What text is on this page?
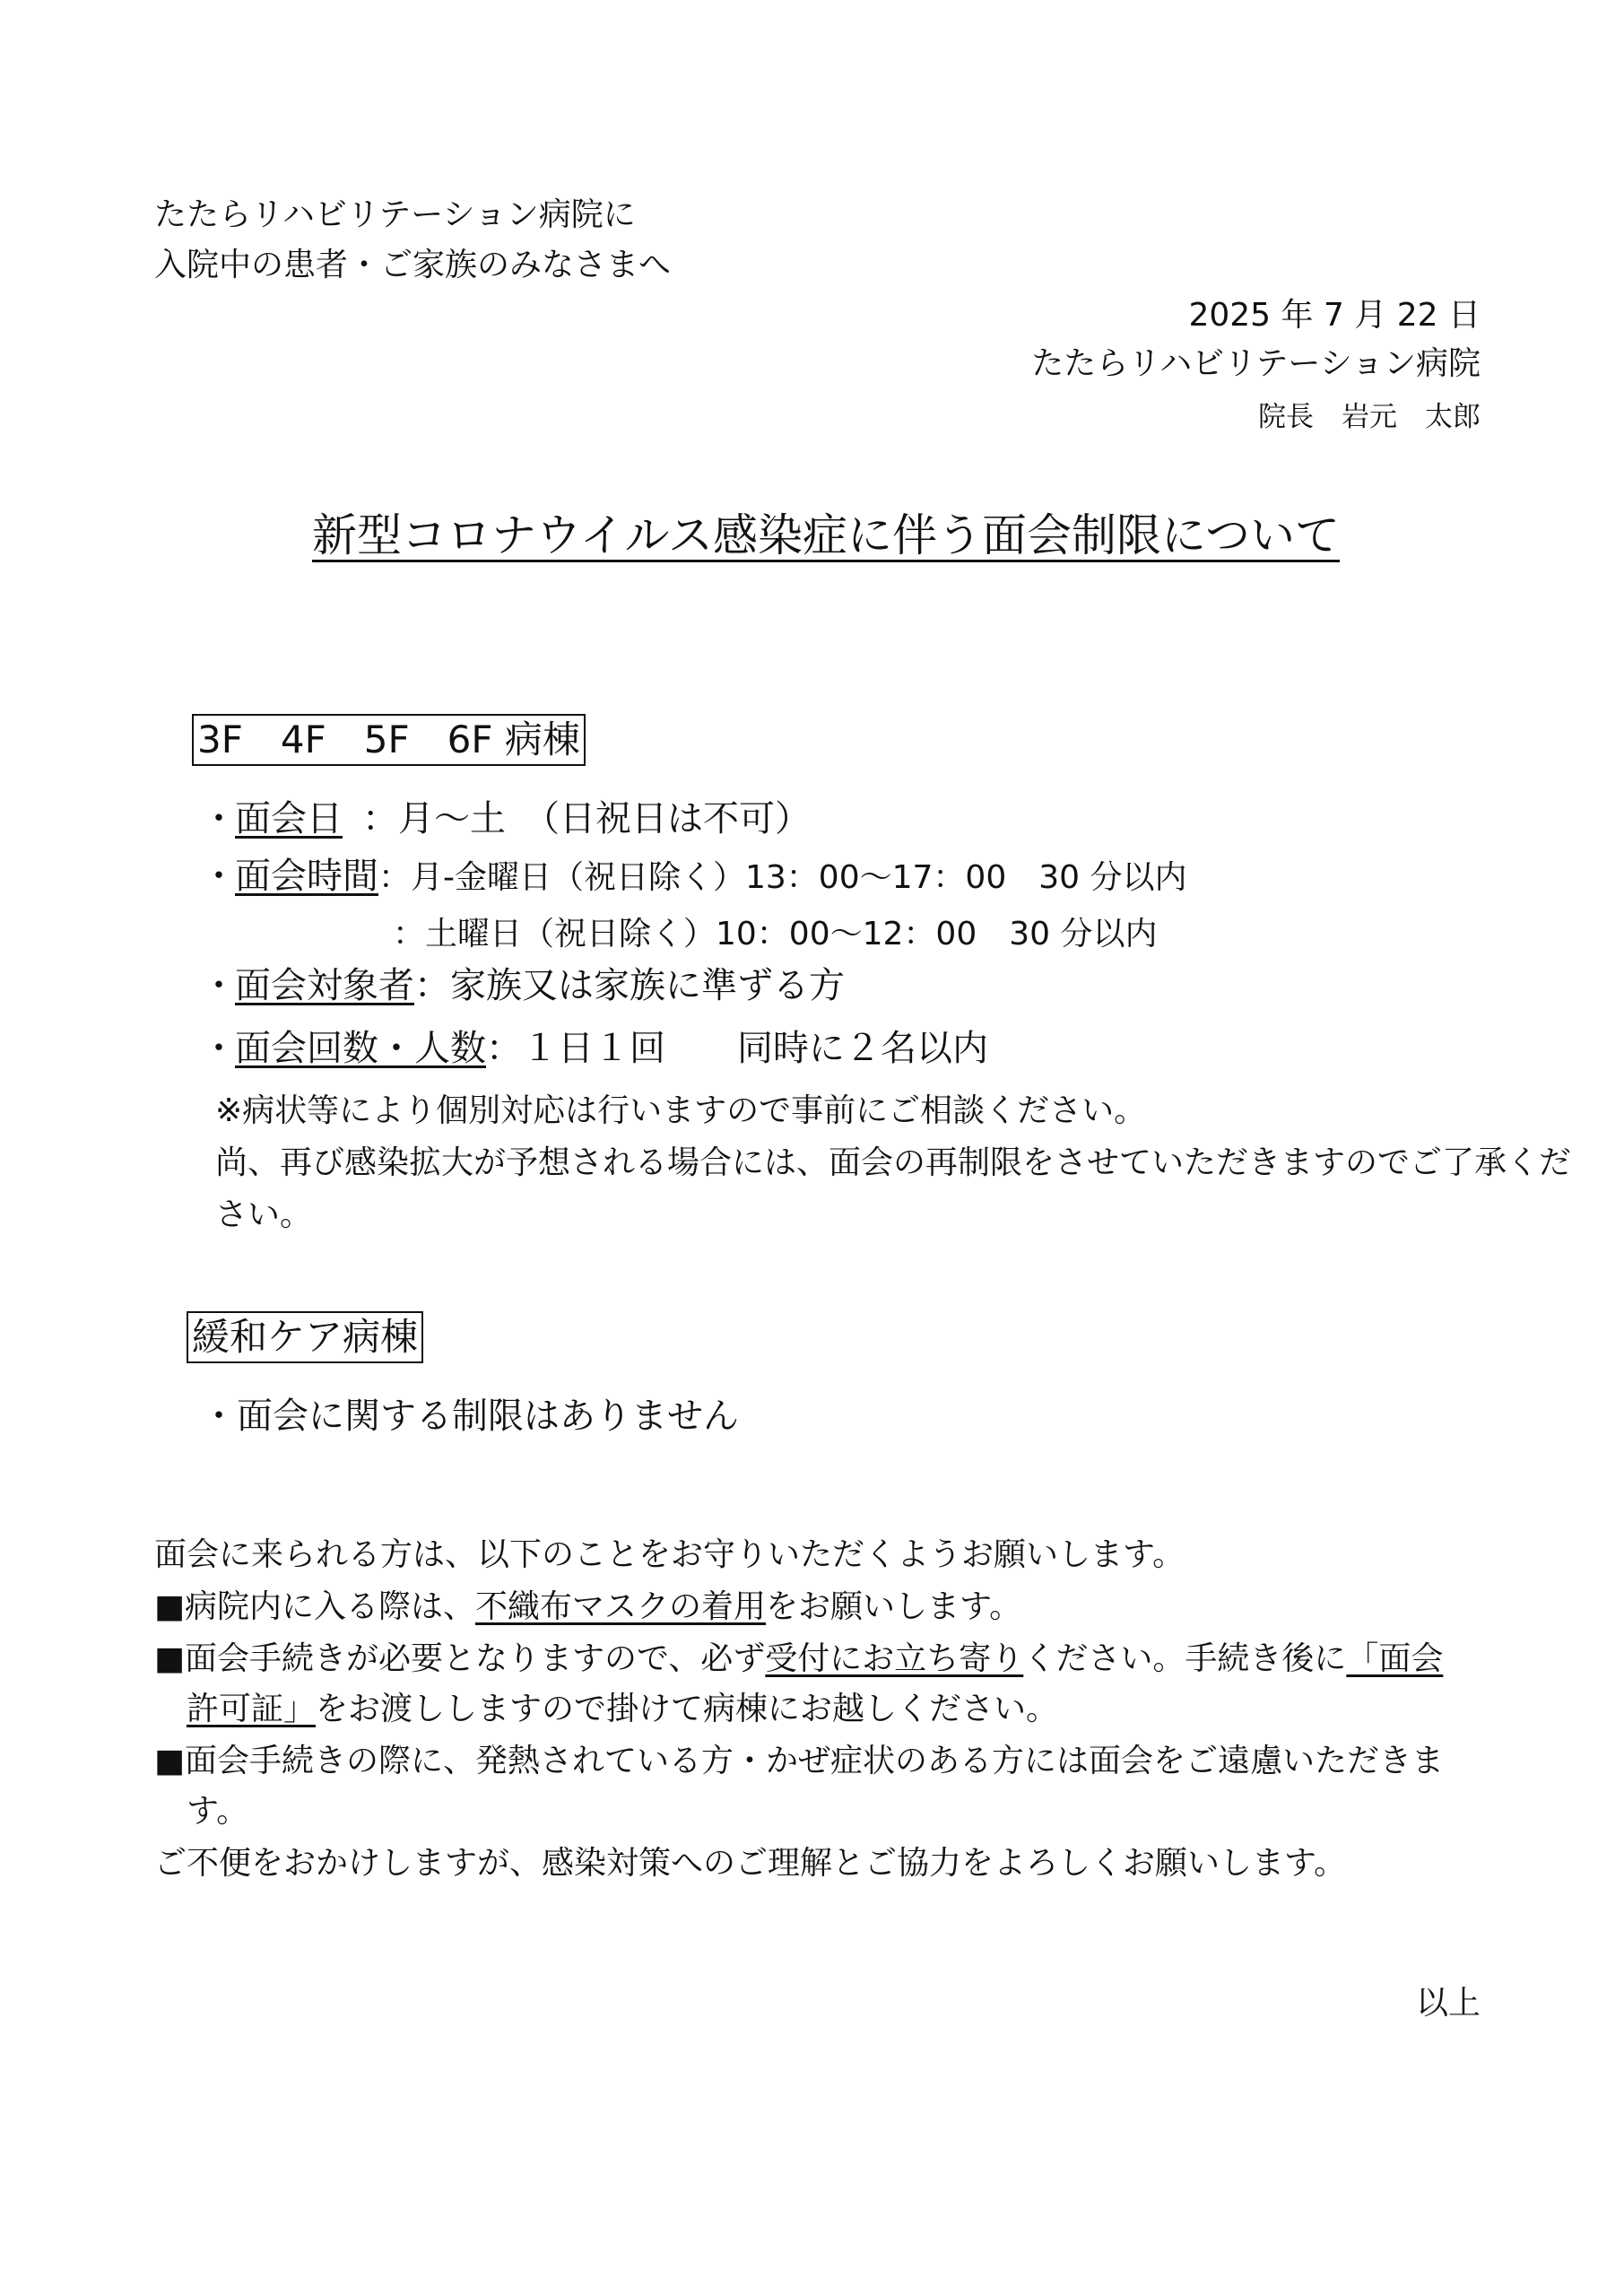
たたらリハビリテーション病院に
入院中の患者・ご家族のみなさまへ
2025 年 7 月 22 日
たたらリハビリテーション病院
院長　岩元　太郎
新型コロナウイルス感染症に伴う面会制限について
3F　4F　5F　6F 病棟
・面会日 ：月～土　（日祝日は不可）
・面会時間：月-金曜日（祝日除く）13：00～17：00　30 分以内
：土曜日（祝日除く）10：00～12：00　30 分以内
・面会対象者：家族又は家族に準ずる方
・面会回数・人数：１日１回　　同時に２名以内
※病状等により個別対応は行いますので事前にご相談ください。
尚、再び感染拡大が予想される場合には、面会の再制限をさせていただきますのでご了承くだ
さい。
緩和ケア病棟
・面会に関する制限はありません
面会に来られる方は、以下のことをお守りいただくようお願いします。
■病院内に入る際は、不織布マスクの着用をお願いします。
■面会手続きが必要となりますので、必ず受付にお立ち寄りください。手続き後に「面会
許可証」をお渡ししますので掛けて病棟にお越しください。
■面会手続きの際に、発熱されている方・かぜ症状のある方には面会をご遠慮いただきま
す。
ご不便をおかけしますが、感染対策へのご理解とご協力をよろしくお願いします。
以上
